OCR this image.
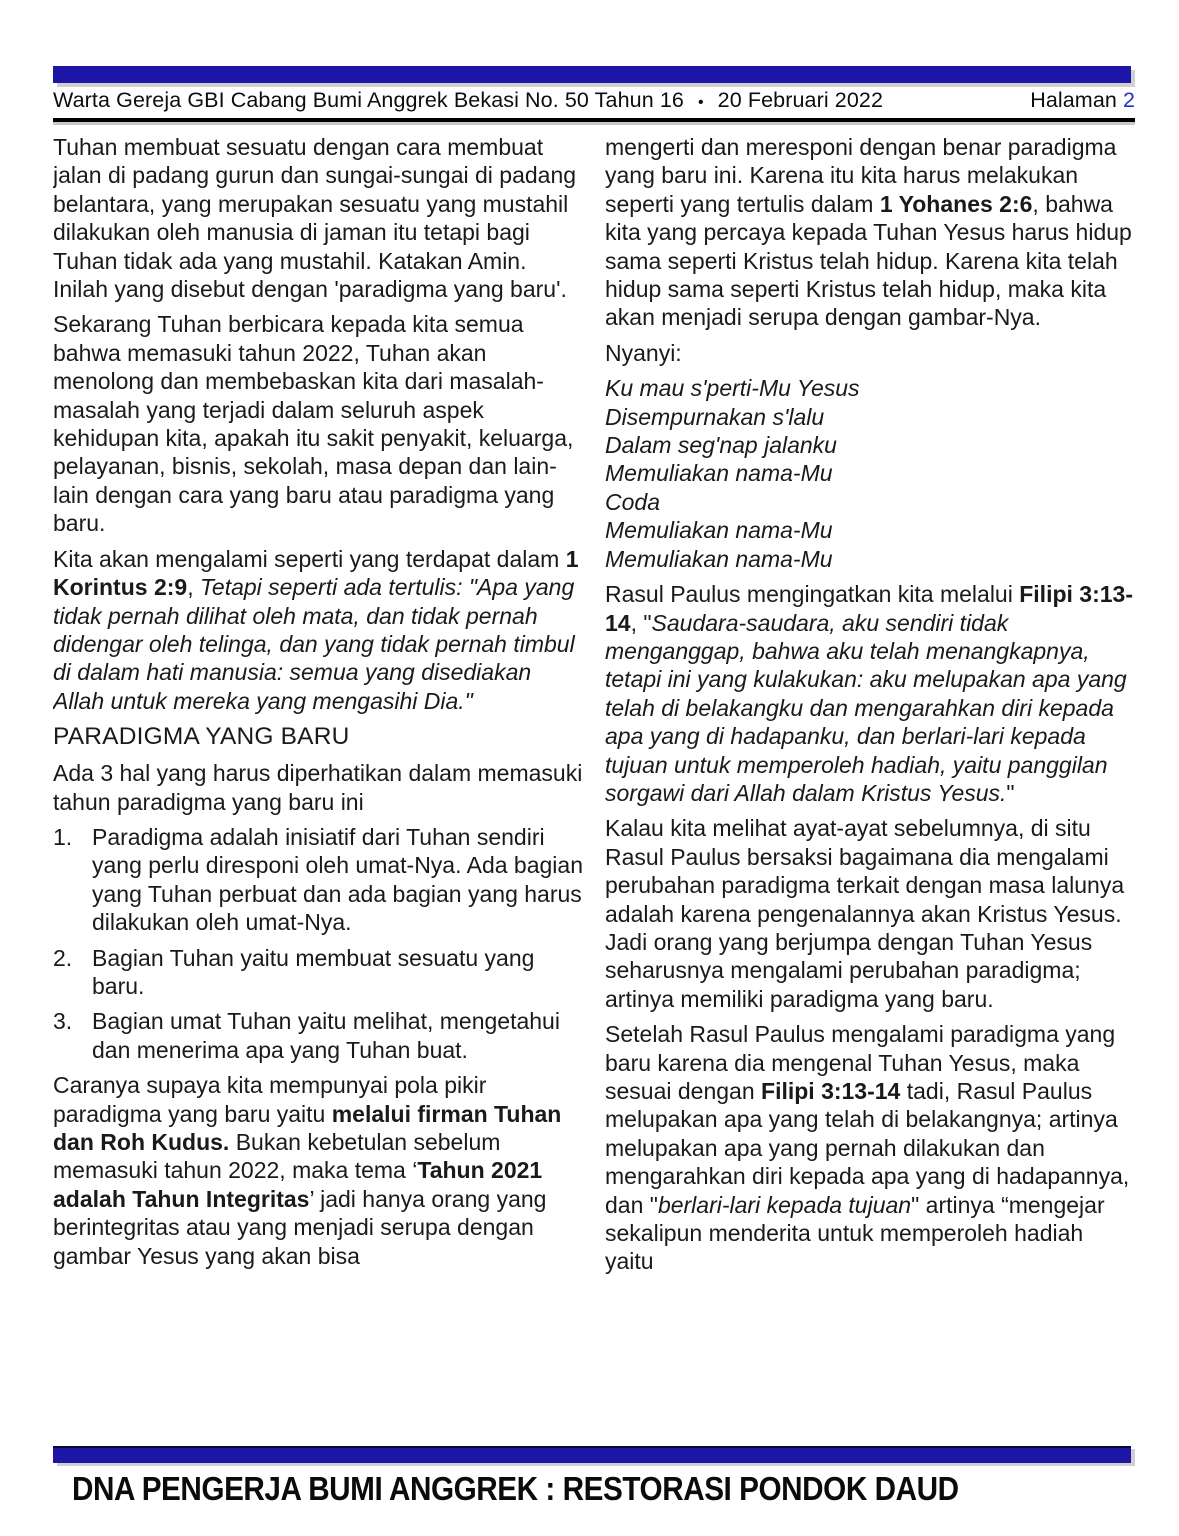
Warta Gereja GBI Cabang Bumi Anggrek Bekasi No. 50 Tahun 16 • 20 Februari 2022	Halaman 2
Tuhan membuat sesuatu dengan cara membuat jalan di padang gurun dan sungai-sungai di padang belantara, yang merupakan sesuatu yang mustahil dilakukan oleh manusia di jaman itu tetapi bagi Tuhan tidak ada yang mustahil. Katakan Amin. Inilah yang disebut dengan 'paradigma yang baru'.
Sekarang Tuhan berbicara kepada kita semua bahwa memasuki tahun 2022, Tuhan akan menolong dan membebaskan kita dari masalah-masalah yang terjadi dalam seluruh aspek kehidupan kita, apakah itu sakit penyakit, keluarga, pelayanan, bisnis, sekolah, masa depan dan lain-lain dengan cara yang baru atau paradigma yang baru.
Kita akan mengalami seperti yang terdapat dalam 1 Korintus 2:9, Tetapi seperti ada tertulis: "Apa yang tidak pernah dilihat oleh mata, dan tidak pernah didengar oleh telinga, dan yang tidak pernah timbul di dalam hati manusia: semua yang disediakan Allah untuk mereka yang mengasihi Dia."
PARADIGMA YANG BARU
Ada 3 hal yang harus diperhatikan dalam memasuki tahun paradigma yang baru ini
1. Paradigma adalah inisiatif dari Tuhan sendiri yang perlu diresponi oleh umat-Nya. Ada bagian yang Tuhan perbuat dan ada bagian yang harus dilakukan oleh umat-Nya.
2. Bagian Tuhan yaitu membuat sesuatu yang baru.
3. Bagian umat Tuhan yaitu melihat, mengetahui dan menerima apa yang Tuhan buat.
Caranya supaya kita mempunyai pola pikir paradigma yang baru yaitu melalui firman Tuhan dan Roh Kudus. Bukan kebetulan sebelum memasuki tahun 2022, maka tema ‘Tahun 2021 adalah Tahun Integritas’ jadi hanya orang yang berintegritas atau yang menjadi serupa dengan gambar Yesus yang akan bisa
mengerti dan meresponi dengan benar paradigma yang baru ini. Karena itu kita harus melakukan seperti yang tertulis dalam 1 Yohanes 2:6, bahwa kita yang percaya kepada Tuhan Yesus harus hidup sama seperti Kristus telah hidup. Karena kita telah hidup sama seperti Kristus telah hidup, maka kita akan menjadi serupa dengan gambar-Nya.
Nyanyi:
Ku mau s'perti-Mu Yesus
Disempurnakan s'lalu
Dalam seg'nap jalanku
Memuliakan nama-Mu
Coda
Memuliakan nama-Mu
Memuliakan nama-Mu
Rasul Paulus mengingatkan kita melalui Filipi 3:13-14, "Saudara-saudara, aku sendiri tidak menganggap, bahwa aku telah menangkapnya, tetapi ini yang kulakukan: aku melupakan apa yang telah di belakangku dan mengarahkan diri kepada apa yang di hadapanku, dan berlari-lari kepada tujuan untuk memperoleh hadiah, yaitu panggilan sorgawi dari Allah dalam Kristus Yesus."
Kalau kita melihat ayat-ayat sebelumnya, di situ Rasul Paulus bersaksi bagaimana dia mengalami perubahan paradigma terkait dengan masa lalunya adalah karena pengenalannya akan Kristus Yesus. Jadi orang yang berjumpa dengan Tuhan Yesus seharusnya mengalami perubahan paradigma; artinya memiliki paradigma yang baru.
Setelah Rasul Paulus mengalami paradigma yang baru karena dia mengenal Tuhan Yesus, maka sesuai dengan Filipi 3:13-14 tadi, Rasul Paulus melupakan apa yang telah di belakangnya; artinya melupakan apa yang pernah dilakukan dan mengarahkan diri kepada apa yang di hadapannya, dan "berlari-lari kepada tujuan" artinya “mengejar sekalipun menderita untuk memperoleh hadiah yaitu
DNA PENGERJA BUMI ANGGREK : RESTORASI PONDOK DAUD
